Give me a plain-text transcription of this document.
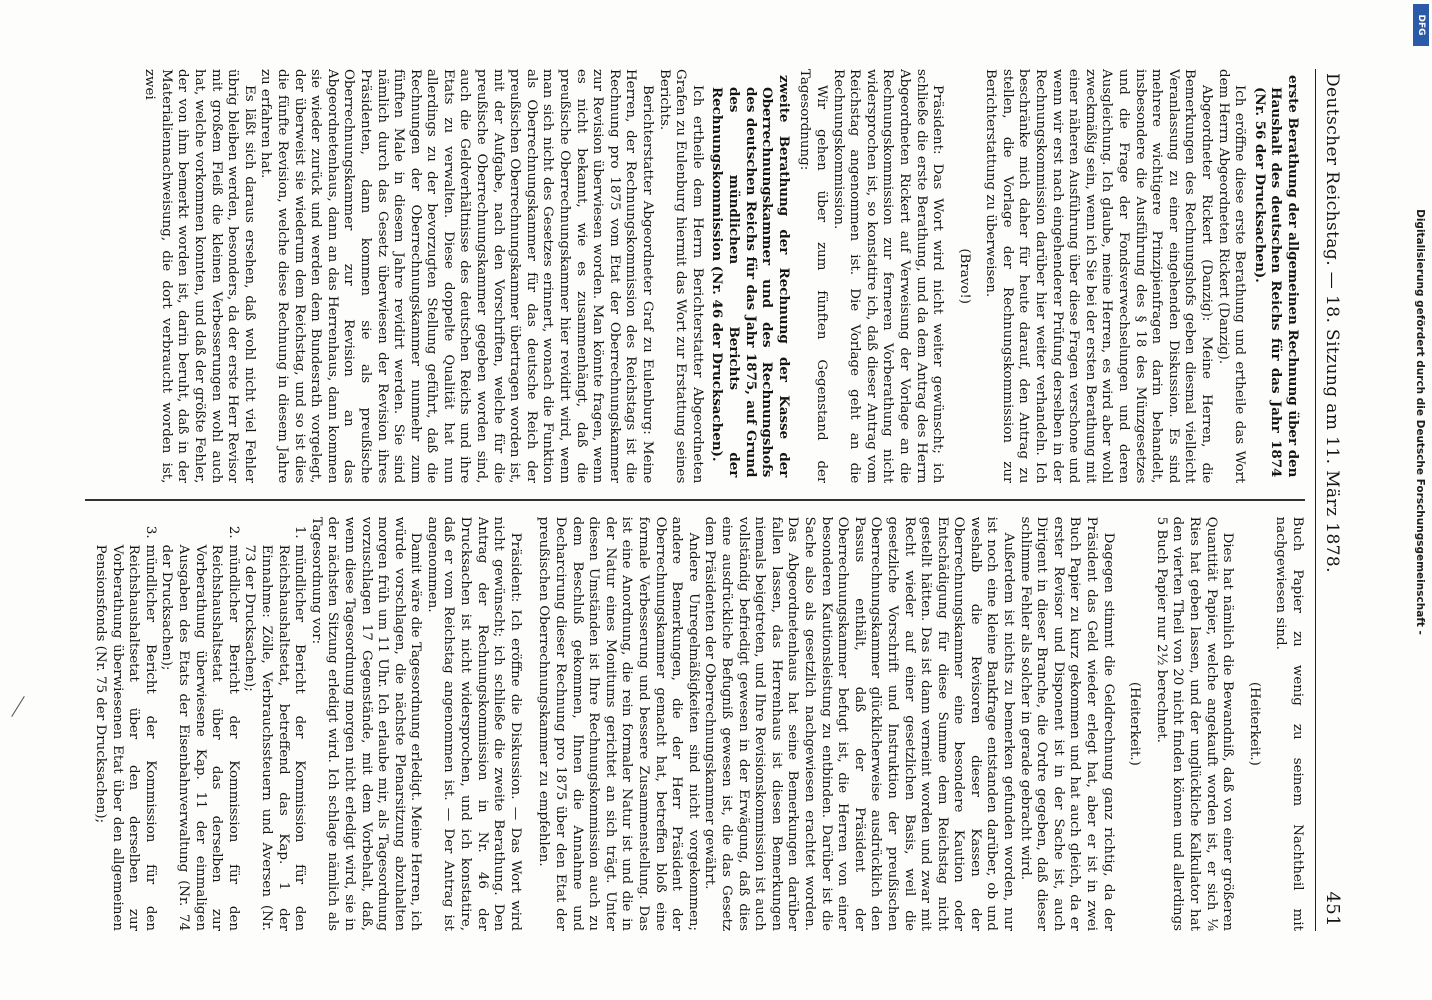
Deutscher Reichstag. — 18. Sitzung am 11. März 1878.
451

erste Berathung der allgemeinen Rechnung über den Haushalt des deutschen Reichs für das Jahr 1874 (Nr. 56 der Drucksachen).

Ich eröffne diese erste Berathung und ertheile das Wort dem Herrn Abgeordneten Rickert (Danzig).

Abgeordneter Rickert (Danzig): Meine Herren, die Bemerkungen des Rechnungshofs geben diesmal vielleicht Veranlassung zu einer eingehenden Diskussion. Es sind mehrere wichtigere Prinzipienfragen darin behandelt, insbesondere die Ausführung des § 18 des Münzgesetzes und die Frage der Fondsverwechselungen und deren Ausgleichung. Ich glaube, meine Herren, es wird aber wohl zweckmäßig sein, wenn ich Sie bei der ersten Berathung mit einer näheren Ausführung über diese Fragen verschone und wenn wir erst nach eingehenderer Prüfung derselben in der Rechnungskommission darüber hier weiter verhandeln. Ich beschränke mich daher für heute darauf, den Antrag zu stellen, die Vorlage der Rechnungskommission zur Berichterstattung zu überweisen.

(Bravo!)

Präsident: Das Wort wird nicht weiter gewünscht; ich schließe die erste Berathung, und da dem Antrag des Herrn Abgeordneten Rickert auf Verweisung der Vorlage an die Rechnungskommission zur ferneren Vorberathung nicht widersprochen ist, so konstatire ich, daß dieser Antrag vom Reichstag angenommen ist. Die Vorlage geht an die Rechnungskommission.

Wir gehen über zum fünften Gegenstand der Tagesordnung:

zweite Berathung der Rechnung der Kasse der Oberrechnungskammer und des Rechnungshofs des deutschen Reichs für das Jahr 1875, auf Grund des mündlichen Berichts der Rechnungskommission (Nr. 46 der Drucksachen).

Ich ertheile dem Herrn Berichterstatter Abgeordneten Grafen zu Eulenburg hiermit das Wort zur Erstattung seines Berichts.

Berichterstatter Abgeordneter Graf zu Eulenburg: Meine Herren, der Rechnungskommission des Reichstags ist die Rechnung pro 1875 vom Etat der Oberrechnungskammer zur Revision überwiesen worden. Man könnte fragen, wenn es nicht bekannt, wie es zusammenhängt, daß die preußische Oberrechnungskammer hier revidirt wird, wenn man sich nicht des Gesetzes erinnert, wonach die Funktion als Oberrechnungskammer für das deutsche Reich der preußischen Oberrechnungskammer übertragen worden ist, mit der Aufgabe, nach den Vorschriften, welche für die preußische Oberrechnungskammer gegeben worden sind, auch die Geldverhältnisse des deutschen Reichs und ihre Etats zu verwalten. Diese doppelte Qualität hat nun allerdings zu der bevorzugten Stellung geführt, daß die Rechnungen der Oberrechnungskammer nunmehr zum fünften Male in diesem Jahre revidirt werden. Sie sind nämlich durch das Gesetz überwiesen der Revision ihres Präsidenten, dann kommen sie als preußische Oberrechnungskammer zur Revision an das Abgeordnetenhaus, dann an das Herrenhaus, dann kommen sie wieder zurück und werden dem Bundesrath vorgelegt, der überweist sie wiederum dem Reichstag, und so ist dies die fünfte Revision, welche diese Rechnung in diesem Jahre zu erfahren hat.

Es läßt sich daraus ersehen, daß wohl nicht viel Fehler übrig bleiben werden, besonders, da der erste Herr Revisor mit großem Fleiß die kleinen Verbesserungen wohl auch hat, welche vorkommen konnten, und daß der größte Fehler, der von ihm bemerkt worden ist, darin beruht, daß in der Materialiennachweisung, die dort verbraucht worden ist, zwei

Buch Papier zu wenig zu seinem Nachtheil mit nachgewiesen sind.

(Heiterkeit.)

Dies hat nämlich die Bewandniß, daß von einer größeren Quantität Papier, welche angekauft worden ist, er sich ⅛ Ries hat geben lassen, und der unglückliche Kalkulator hat den vierten Theil von 20 nicht finden können und allerdings 5 Buch Papier nur 2½ berechnet.

(Heiterkeit.)

Dagegen stimmt die Geldrechnung ganz richtig, da der Präsident das Geld wieder erlegt hat, aber er ist in zwei Buch Papier zu kurz gekommen und hat auch gleich, da er erster Revisor und Disponent ist in der Sache ist, auch Dirigent in dieser Branche, die Ordre gegeben, daß dieser schlimme Fehler als solcher in gerade gebracht wird.

Außerdem ist nichts zu bemerken gefunden worden, nur ist noch eine kleine Bankfrage entstanden darüber, ob und weshalb die Revisoren dieser Kassen der Oberrechnungskammer eine besondere Kaution oder Entschädigung für diese Summe dem Reichstag nicht gestellt hätten. Das ist dann verneint worden und zwar mit Recht wieder auf einer gesetzlichen Basis, weil die gesetzliche Vorschrift und Instruktion der preußischen Oberrechnungskammer glücklicherweise ausdrücklich den Passus enthält, daß der Präsident der Oberrechnungskammer befugt ist, die Herren von einer besonderen Kautionsleistung zu entbinden. Darüber ist die Sache also als gesetzlich nachgewiesen erachtet worden. Das Abgeordnetenhaus hat seine Bemerkungen darüber fallen lassen, das Herrenhaus ist diesen Bemerkungen niemals beigetreten, und Ihre Revisionskommission ist auch vollständig befriedigt gewesen in der Erwägung, daß dies eine ausdrückliche Befugniß gewesen ist, die das Gesetz dem Präsidenten der Oberrechnungskammer gewährt.

Andere Unregelmäßigkeiten sind nicht vorgekommen; andere Bemerkungen, die der Herr Präsident der Oberrechnungskammer gemacht hat, betreffen bloß eine formale Verbesserung und bessere Zusammenstellung. Das ist eine Anordnung, die rein formaler Natur ist und die in der Natur eines Monitums gerichtet an sich trägt. Unter diesen Umständen ist Ihre Rechnungskommission auch zu dem Beschluß gekommen, Ihnen die Annahme und Decharcirung dieser Rechnung pro 1875 über den Etat der preußischen Oberrechnungskammer zu empfehlen.

Präsident: Ich eröffne die Diskussion. — Das Wort wird nicht gewünscht; ich schließe die zweite Berathung. Den Antrag der Rechnungskommission in Nr. 46 der Drucksachen ist nicht widersprochen, und ich konstatire, daß er vom Reichstag angenommen ist. — Der Antrag ist angenommen.

Damit wäre die Tagesordnung erledigt. Meine Herren, ich würde vorschlagen, die nächste Plenarsitzung abzuhalten morgen früh um 11 Uhr. Ich erlaube mir, als Tagesordnung vorzuschlagen 17 Gegenstände, mit dem Vorbehalt, daß, wenn diese Tagesordnung morgen nicht erledigt wird, sie in der nächsten Sitzung erledigt wird. Ich schlage nämlich als Tagesordnung vor:

1.
mündlicher Bericht der Kommission für den Reichshaushaltsetat, betreffend das Kap. 1 der Einnahme: Zölle, Verbrauchssteuern und Aversen (Nr. 73 der Drucksachen);
2.
mündlicher Bericht der Kommission für den Reichshaushaltsetat über das derselben zur Vorberathung überwiesene Kap. 11 der einmaligen Ausgaben des Etats der Eisenbahnverwaltung (Nr. 74 der Drucksachen);
3.
mündlicher Bericht der Kommission für den Reichshaushaltsetat über den derselben zur Vorberathung überwiesenen Etat über den allgemeinen Pensionsfonds (Nr. 75 der Drucksachen);
DFG
Digitalisierung gefördert durch die Deutsche Forschungsgemeinschaft -
